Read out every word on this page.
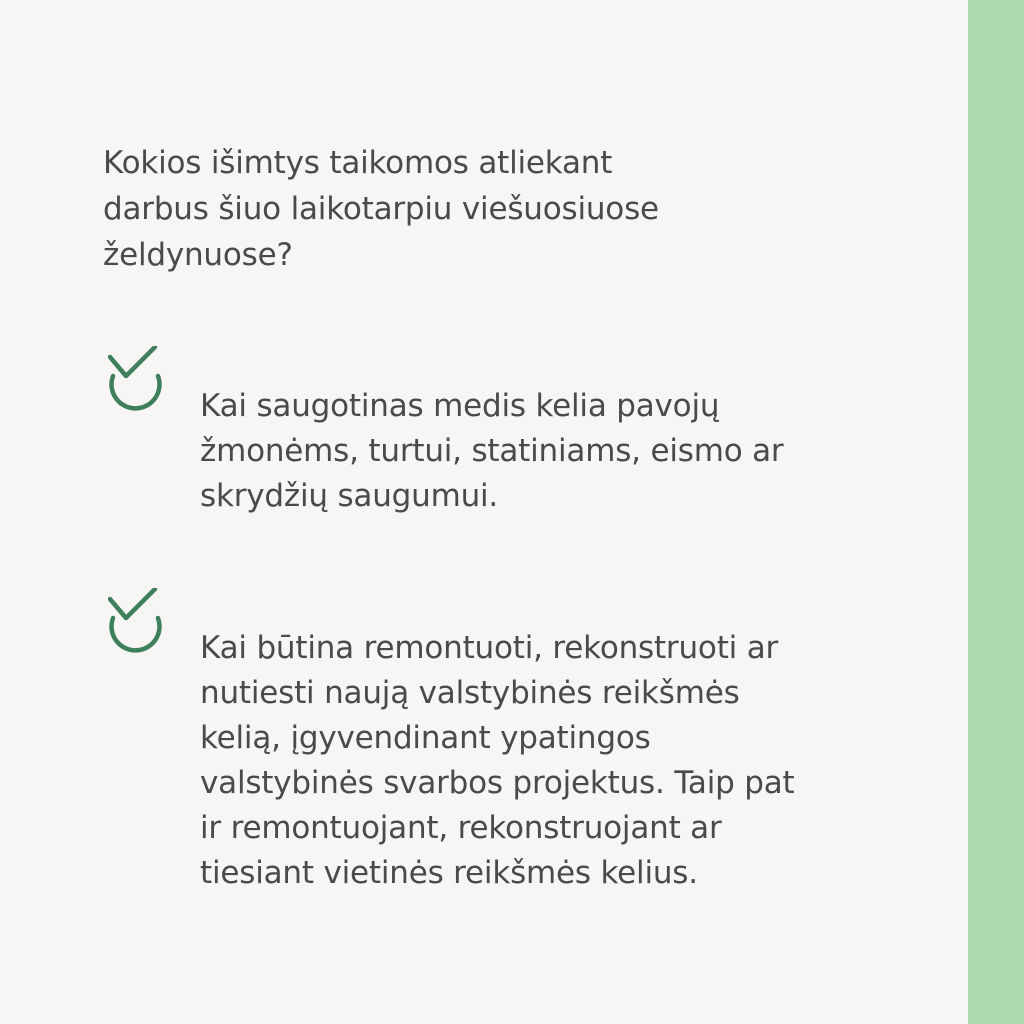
Kokios išimtys taikomos atliekant
darbus šiuo laikotarpiu viešuosiuose
želdynuose?

Kai saugotinas medis kelia pavojų
žmonėms, turtui, statiniams, eismo ar
skrydžių saugumui.

Kai būtina remontuoti, rekonstruoti ar
nutiesti naują valstybinės reikšmės
kelią, įgyvendinant ypatingos
valstybinės svarbos projektus. Taip pat
ir remontuojant, rekonstruojant ar
tiesiant vietinės reikšmės kelius.
